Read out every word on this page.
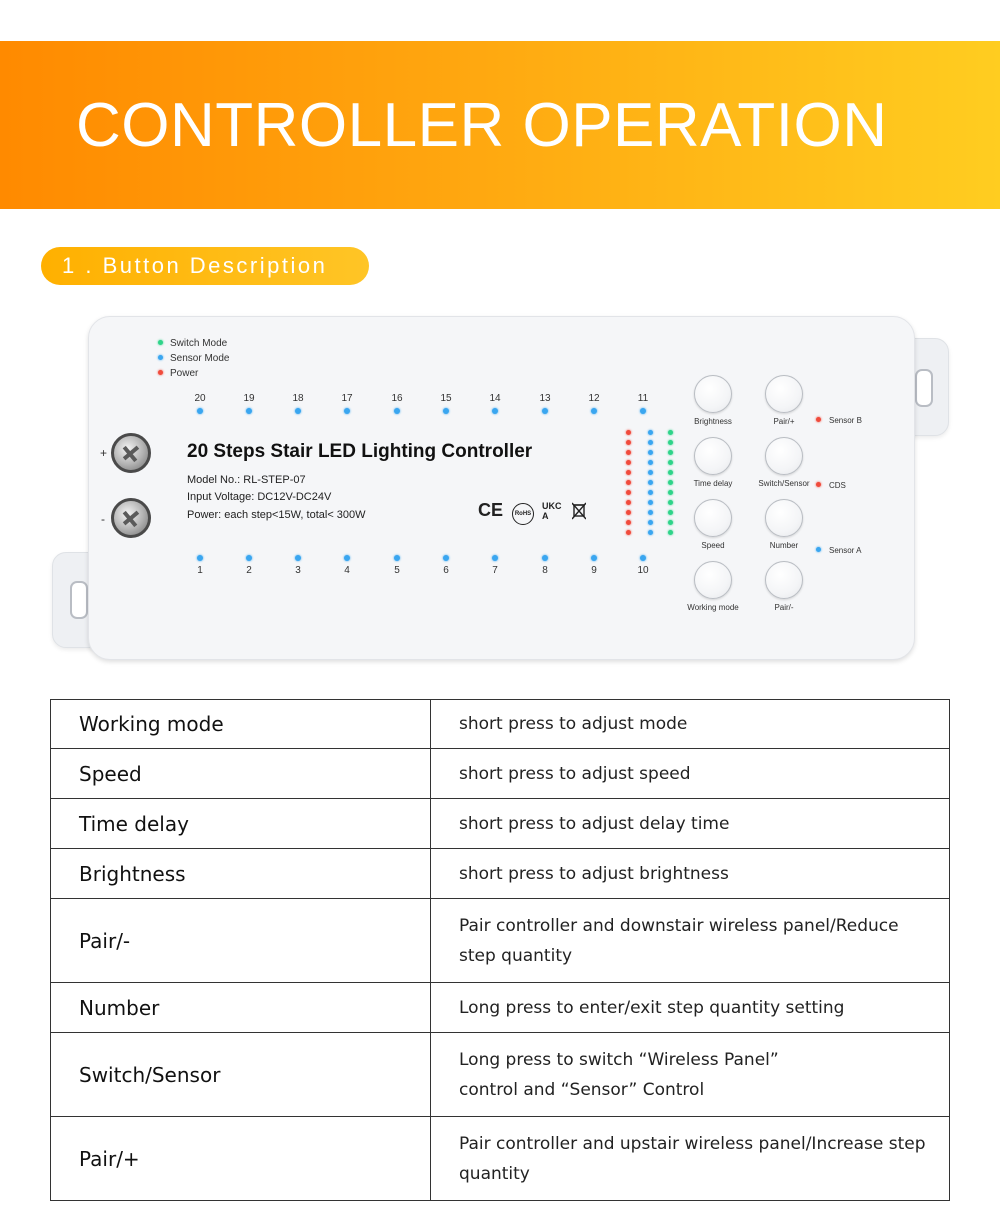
CONTROLLER OPERATION
1 . Button Description
+
-
Switch Mode
Sensor Mode
Power
20	19	18	17	16	15	14	13	12	11
1	2	3	4	5	6	7	8	9	10
20 Steps Stair LED Lighting Controller
Model No.: RL-STEP-07
Input Voltage: DC12V-DC24V
Power: each step<15W, total< 300W	CE	RoHS
UKCA
Brightness	Pair/+
Time delay	Switch/Sensor
Speed	Number
Working mode	Pair/-
Sensor B
CDS
Sensor A
Working mode	short press to adjust mode

Speed	short press to adjust speed

Time delay	short press to adjust delay time

Brightness	short press to adjust brightness

Pair/-	Pair controller and downstair wireless panel/Reduce
step quantity

Number	Long press to enter/exit step quantity setting

Switch/Sensor	Long press to switch “Wireless Panel”
control and “Sensor” Control

Pair/+	Pair controller and upstair wireless panel/Increase step
quantity
